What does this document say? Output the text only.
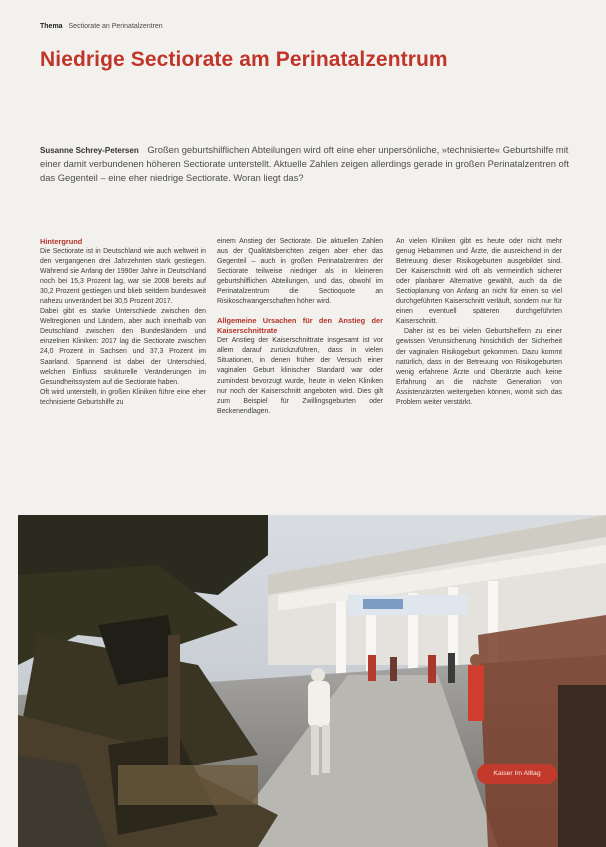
Thema Sectiorate an Perinatalzentren
Niedrige Sectiorate am Perinatalzentrum
Susanne Schrey-Petersen Großen geburtshilflichen Abteilungen wird oft eine eher unpersönliche, »technisierte« Geburtshilfe mit einer damit verbundenen höheren Sectiorate unterstellt. Aktuelle Zahlen zeigen allerdings gerade in großen Perinatalzentren oft das Gegenteil – eine eher niedrige Sectiorate. Woran liegt das?
Hintergrund

Die Sectiorate ist in Deutschland wie auch weltweit in den vergangenen drei Jahrzehnten stark gestiegen. Während sie Anfang der 1990er Jahre in Deutschland noch bei 15,3 Prozent lag, war sie 2008 bereits auf 30,2 Prozent gestiegen und blieb seitdem bundesweit nahezu unverändert bei 30,5 Prozent 2017.

Dabei gibt es starke Unterschiede zwischen den Weltregionen und Ländern, aber auch innerhalb von Deutschland zwischen den Bundesländern und einzelnen Kliniken: 2017 lag die Sectiorate zwischen 24,0 Prozent in Sachsen und 37,3 Prozent im Saarland. Spannend ist dabei der Unterschied, welchen Einfluss strukturelle Veränderungen im Gesundheitssystem auf die Sectiorate haben.

Oft wird unterstellt, in großen Kliniken führe eine eher technisierte Geburtshilfe zu

einem Anstieg der Sectiorate. Die aktuellen Zahlen aus der Qualitätsberichten zeigen aber eher das Gegenteil – auch in großen Perinatalzentren der Sectiorate teilweise niedriger als in kleineren geburtshilflichen Abteilungen, und das, obwohl im Perinatalzentrum die Sectioquote an Risikoschwangerschaften höher wird.

Allgemeine Ursachen für den Anstieg der Kaiserschnittrate

Der Anstieg der Kaiserschnittrate insgesamt ist vor allem darauf zurückzuführen, dass in vielen Situationen, in denen früher der Versuch einer vaginalen Geburt klinischer Standard war oder zumindest bevorzugt wurde, heute in vielen Kliniken nur noch der Kaiserschnitt angeboten wird. Dies gilt zum Beispiel für Zwillingsgeburten oder Beckenendlagen.

An vielen Kliniken gibt es heute oder nicht mehr genug Hebammen und Ärzte, die ausreichend in der Betreuung dieser Risikogeburten ausgebildet sind. Der Kaiserschnitt wird oft als vermeintlich sicherer oder planbarer Alternative gewählt, auch da die Sectioplanung von Anfang an nicht für einen so viel durchgeführten Kaiserschnitt verläuft, sondern nur für einen eventuell späteren durchgeführten Kaiserschnitt.

Daher ist es bei vielen Geburtshelfern zu einer gewissen Verunsicherung hinsichtlich der Sicherheit der vaginalen Risikogeburt gekommen. Dazu kommt natürlich, dass in der Betreuung von Risikogeburten wenig erfahrene Ärzte und Oberärzte auch keine Erfahrung an die nächste Generation von Assistenzärzten weitergeben können, womit sich das Problem weiter verstärkt.

Kaiser Im Alltag
